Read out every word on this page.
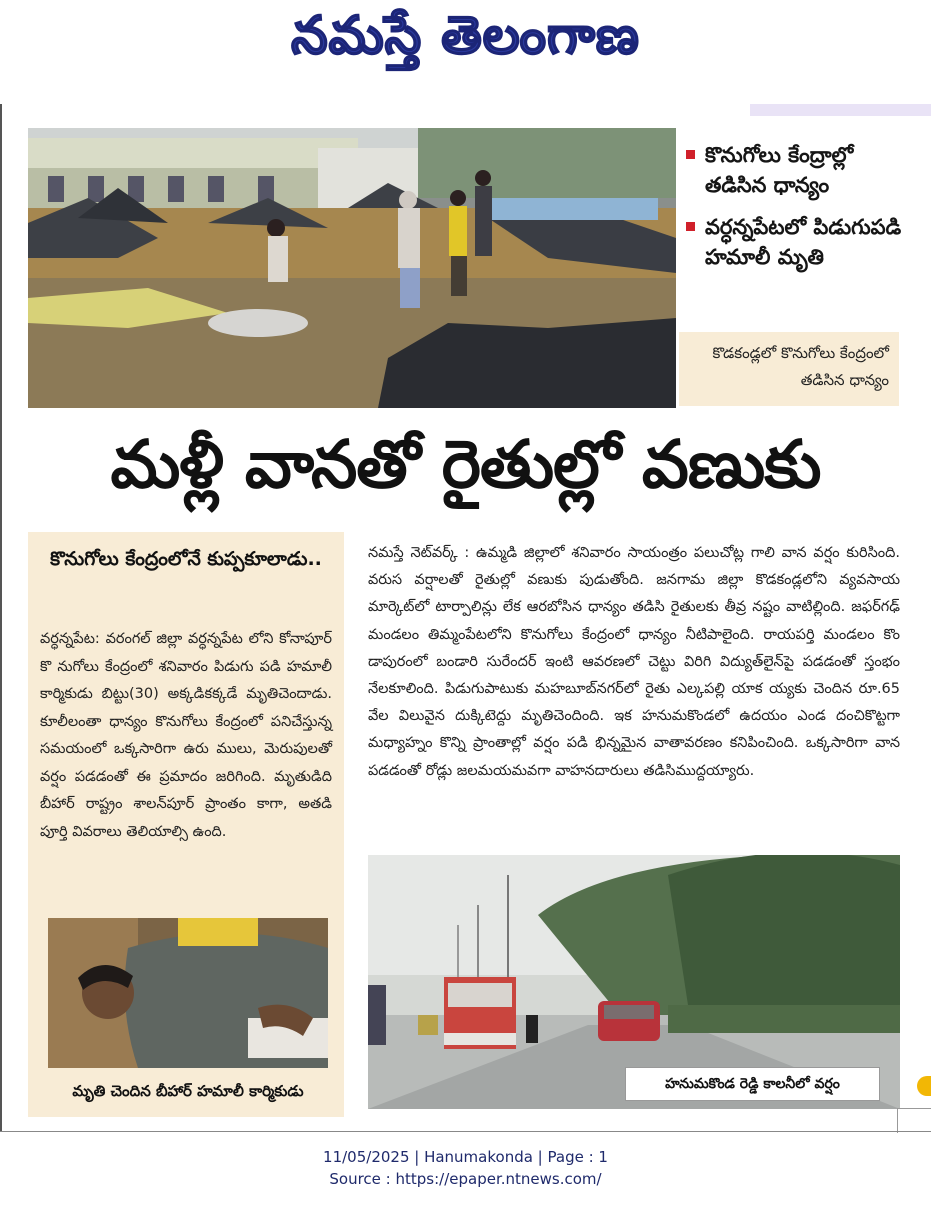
నమస్తే తెలంగాణ
కొనుగోలు కేంద్రాల్లో తడిసిన ధాన్యం
వర్ధన్నపేటలో పిడుగుపడి హమాలీ మృతి
కొడకండ్లలో కొనుగోలు కేంద్రంలో తడిసిన ధాన్యం
మళ్లీ వానతో రైతుల్లో వణుకు
కొనుగోలు కేంద్రంలోనే కుప్పకూలాడు..
వర్ధన్నపేట: వరంగల్ జిల్లా వర్ధన్నపేట లోని కోనాపూర్ కొ నుగోలు కేంద్రంలో శనివారం పిడుగు పడి హమాలీ కార్మికుడు బిట్టు(30) అక్కడికక్కడే మృతిచెందాడు. కూలీలంతా ధాన్యం కొనుగోలు కేంద్రంలో పనిచేస్తున్న సమయంలో ఒక్కసారిగా ఉరు ములు, మెరుపులతో వర్షం పడడంతో ఈ ప్రమాదం జరిగింది. మృతుడిది బీహార్ రాష్ట్రం శాలన్‌పూర్ ప్రాంతం కాగా, అతడి పూర్తి వివరాలు తెలియాల్సి ఉంది.
మృతి చెందిన బీహార్ హమాలీ కార్మికుడు
నమస్తే నెట్‌వర్క్ : ఉమ్మడి జిల్లాలో శనివారం సాయంత్రం పలుచోట్ల గాలి వాన వర్షం కురిసింది. వరుస వర్షాలతో రైతుల్లో వణుకు పుడుతోంది. జనగామ జిల్లా కొడకండ్లలోని వ్యవసాయ మార్కెట్‌లో టార్పాలిన్లు లేక ఆరబోసిన ధాన్యం తడిసి రైతులకు తీవ్ర నష్టం వాటిల్లింది. జఫర్‌గఢ్ మండలం తిమ్మంపేటలోని కొనుగోలు కేంద్రంలో ధాన్యం నీటిపాలైంది. రాయపర్తి మండలం కొం డాపురంలో బండారి సురేందర్ ఇంటి ఆవరణలో చెట్టు విరిగి విద్యుత్‌లైన్‌పై పడడంతో స్తంభం నేలకూలింది. పిడుగుపాటుకు మహబూబ్‌నగర్‌లో రైతు ఎల్కపల్లి యాక య్యకు చెందిన రూ.65 వేల విలువైన దుక్కిటెద్దు మృతిచెందింది. ఇక హనుమకొండలో ఉదయం ఎండ దంచికొట్టగా మధ్యాహ్నం కొన్ని ప్రాంతాల్లో వర్షం పడి భిన్నమైన వాతావరణం కనిపించింది. ఒక్కసారిగా వాన పడడంతో రోడ్లు జలమయమవగా వాహనదారులు తడిసిముద్దయ్యారు.
హనుమకొండ రెడ్డి కాలనీలో వర్షం
11/05/2025 | Hanumakonda | Page : 1
Source : https://epaper.ntnews.com/
